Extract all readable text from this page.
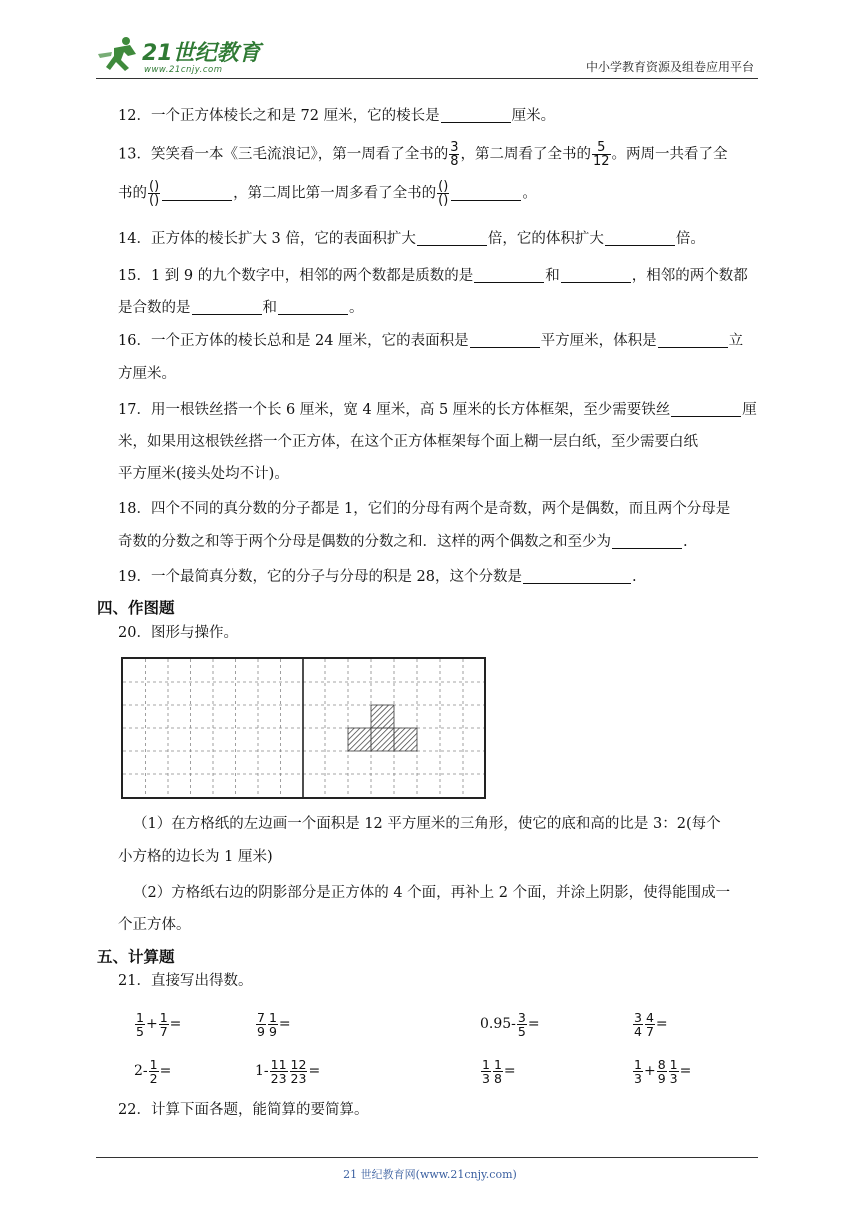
21世纪教育
www.21cnjy.com	中小学教育资源及组卷应用平台
12．一个正方体棱长之和是 72 厘米，它的棱长是	厘米。
13．笑笑看一本《三毛流浪记》，第一周看了全书的 $\frac{3}{8}$ ，第二周看了全书的 $\frac{5}{12}$ 。两周一共看了全
书的 $\frac{()}{()}$	，第二周比第一周多看了全书的 $\frac{()}{()}$	。
14．正方体的棱长扩大 3 倍，它的表面积扩大	倍，它的体积扩大	倍。
15．1 到 9 的九个数字中，相邻的两个数都是质数的是	和	，相邻的两个数都
是合数的是	和	。
16．一个正方体的棱长总和是 24 厘米，它的表面积是	平方厘米，体积是	立
方厘米。
17．用一根铁丝搭一个长 6 厘米，宽 4 厘米，高 5 厘米的长方体框架，至少需要铁丝	厘
米，如果用这根铁丝搭一个正方体，在这个正方体框架每个面上糊一层白纸，至少需要白纸
平方厘米(接头处均不计)。
18．四个不同的真分数的分子都是 1，它们的分母有两个是奇数，两个是偶数，而且两个分母是
奇数的分数之和等于两个分母是偶数的分数之和．这样的两个偶数之和至少为	.
19．一个最简真分数，它的分子与分母的积是 28，这个分数是	.
四、作图题
20．图形与操作。
（1）在方格纸的左边画一个面积是 12 平方厘米的三角形，使它的底和高的比是 3：2(每个
小方格的边长为 1 厘米)
（2）方格纸右边的阴影部分是正方体的 4 个面，再补上 2 个面，并涂上阴影，使得能围成一
个正方体。
五、计算题
21．直接写出得数。
$\frac{1}{5} + \frac{1}{7}$ =	$\frac{7}{9} \frac{1}{9}$ =	$0.95- \frac{3}{5}$ =	$\frac{3}{4} \frac{4}{7}$ =
$2- \frac{1}{2}$ =	$1- \frac{11}{23} \frac{12}{23}$ =	$\frac{1}{3} \frac{1}{8}$ =	$\frac{1}{3} + \frac{8}{9} \frac{1}{3}$ =
22．计算下面各题，能简算的要简算。
21 世纪教育网(www.21cnjy.com)
